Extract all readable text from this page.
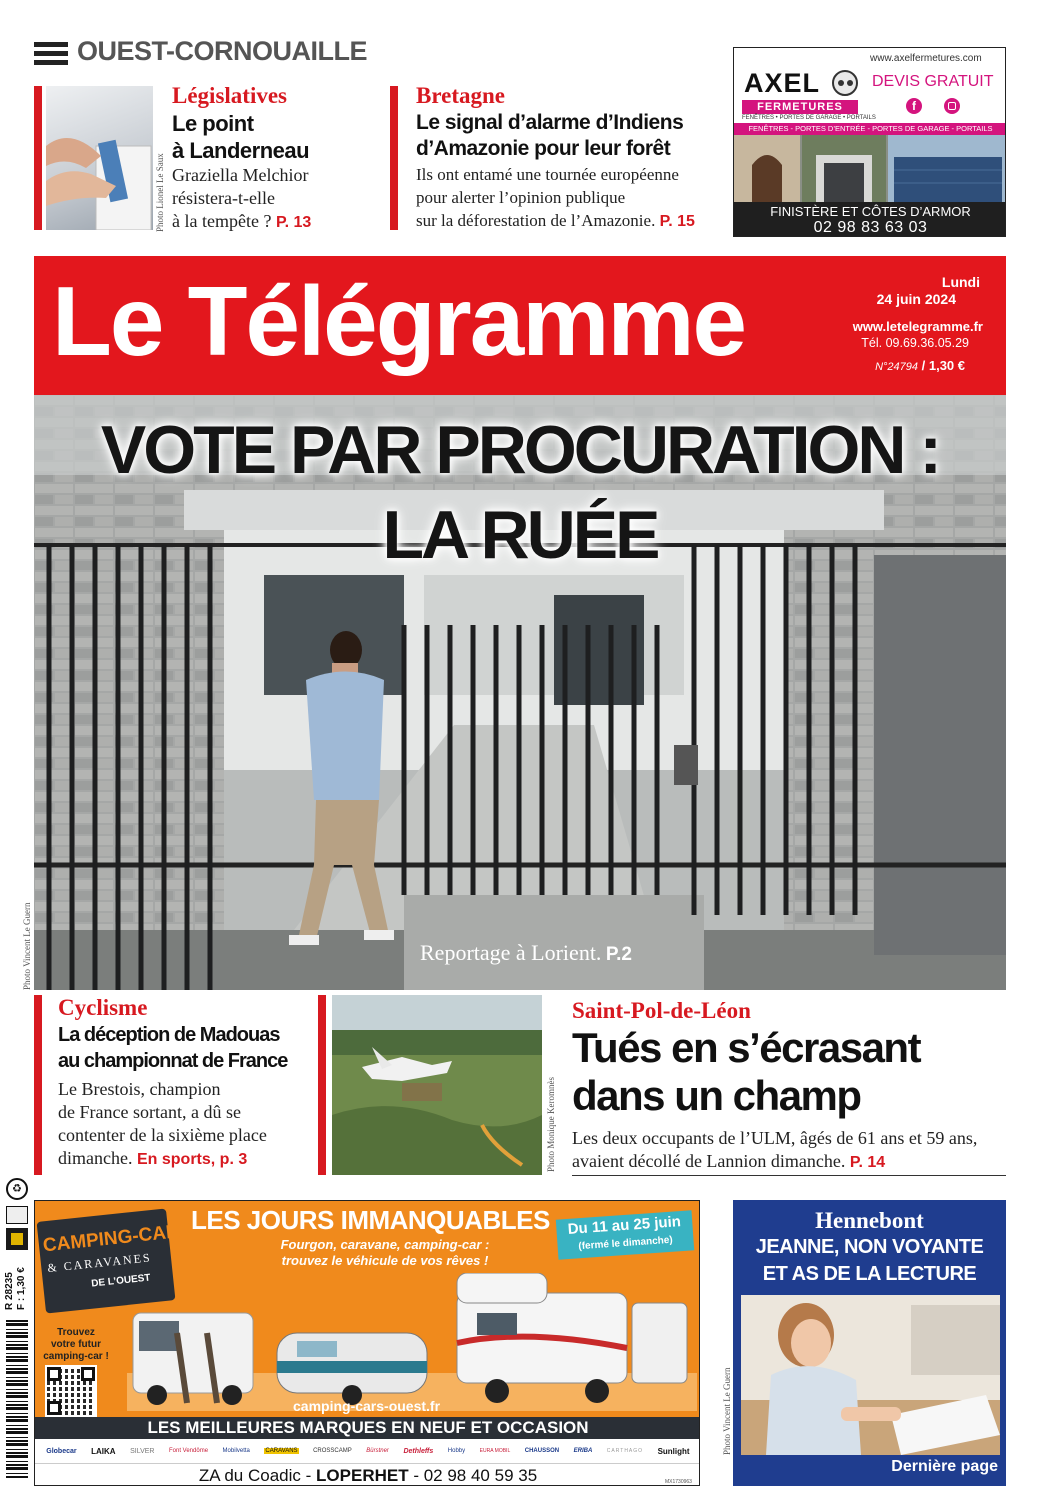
OUEST-CORNOUAILLE
Photo Lionel Le Saux
Législatives
Le point
à Landerneau
Graziella Melchior
résistera-t-elle
à la tempête ? P. 13
Bretagne
Le signal d’alarme d’Indiens
d’Amazonie pour leur forêt
Ils ont entamé une tournée européenne
pour alerter l’opinion publique
sur la déforestation de l’Amazonie. P. 15
www.axelfermetures.com
AXEL
FERMETURES
FENÊTRES • PORTES DE GARAGE • PORTAILS
DEVIS GRATUIT
f
FENÊTRES - PORTES D’ENTRÉE - PORTES DE GARAGE - PORTAILS
FINISTÈRE ET CÔTES D’ARMOR
02 98 83 63 03
Le Télégramme	Lundi
24 juin 2024
www.letelegramme.fr
Tél. 09.69.36.05.29
N°24794 / 1,30 €
Photo Vincent Le Guern
VOTE PAR PROCURATION :
LA RUÉE
Reportage à Lorient. P.2
Cyclisme
La déception de Madouas
au championnat de France
Le Brestois, champion
de France sortant, a dû se
contenter de la sixième place
dimanche. En sports, p. 3	Photo Monique Keromnès
Saint-Pol-de-Léon
Tués en s’écrasant
dans un champ
Les deux occupants de l’ULM, âgés de 61 ans et 59 ans,
avaient décollé de Lannion dimanche. P. 14
♻
R 28235 F : 1,30 €
CAMPING-CARS
& CARAVANES
DE L’OUEST
LES JOURS IMMANQUABLES
Fourgon, caravane, camping-car :
trouvez le véhicule de vos rêves !
Du 11 au 25 juin
(fermé le dimanche)
Trouvez
votre futur
camping-car !
camping-cars-ouest.fr
LES MEILLEURES MARQUES EN NEUF ET OCCASION
Globecar LAIKA SILVER Font Vendôme Mobilvetta	CARAVANS	CROSSCAMP Bürstner Dethleffs Hobby	EURA MOBIL CHAUSSON ERIBA	CARTHAGO Sunlight
ZA du Coadic - LOPERHET - 02 98 40 59 35	MX1730963
Hennebont
JEANNE, NON VOYANTE
ET AS DE LA LECTURE
Dernière page
Photo Vincent Le Guern
